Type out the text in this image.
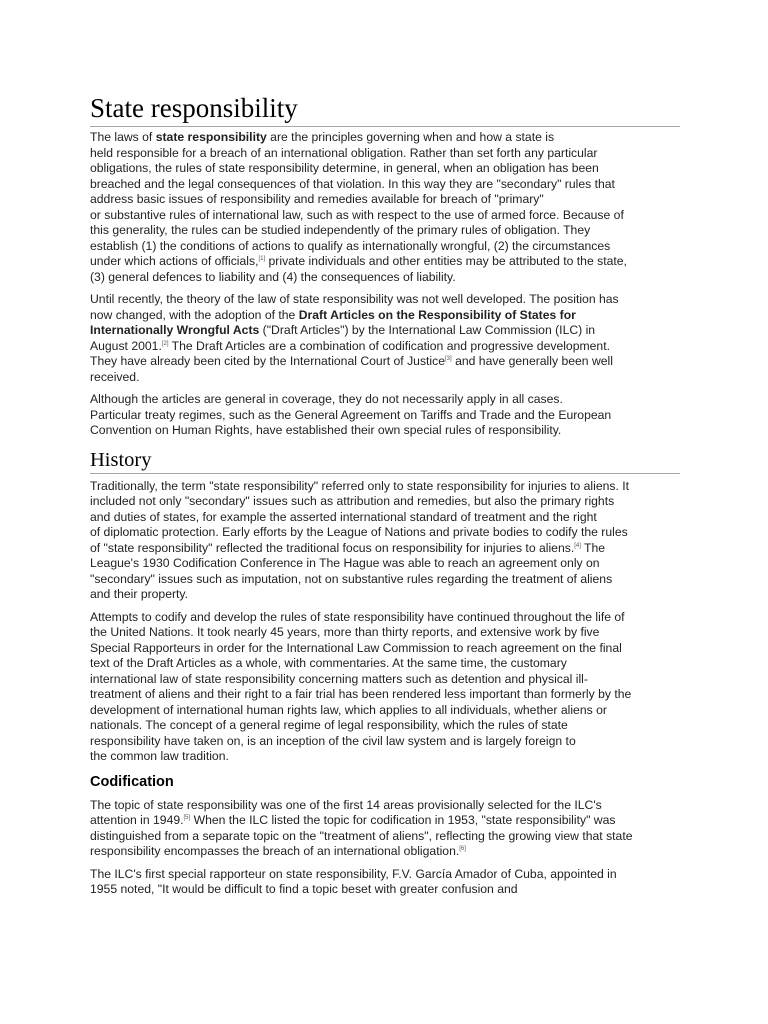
State responsibility

The laws of state responsibility are the principles governing when and how a state is
held responsible for a breach of an international obligation. Rather than set forth any particular
obligations, the rules of state responsibility determine, in general, when an obligation has been
breached and the legal consequences of that violation. In this way they are "secondary" rules that
address basic issues of responsibility and remedies available for breach of "primary"
or substantive rules of international law, such as with respect to the use of armed force. Because of
this generality, the rules can be studied independently of the primary rules of obligation. They
establish (1) the conditions of actions to qualify as internationally wrongful, (2) the circumstances
under which actions of officials,[1] private individuals and other entities may be attributed to the state,
(3) general defences to liability and (4) the consequences of liability.

Until recently, the theory of the law of state responsibility was not well developed. The position has
now changed, with the adoption of the Draft Articles on the Responsibility of States for
Internationally Wrongful Acts ("Draft Articles") by the International Law Commission (ILC) in
August 2001.[2] The Draft Articles are a combination of codification and progressive development.
They have already been cited by the International Court of Justice[3] and have generally been well
received.

Although the articles are general in coverage, they do not necessarily apply in all cases.
Particular treaty regimes, such as the General Agreement on Tariffs and Trade and the European
Convention on Human Rights, have established their own special rules of responsibility.

History

Traditionally, the term "state responsibility" referred only to state responsibility for injuries to aliens. It
included not only "secondary" issues such as attribution and remedies, but also the primary rights
and duties of states, for example the asserted international standard of treatment and the right
of diplomatic protection. Early efforts by the League of Nations and private bodies to codify the rules
of "state responsibility" reflected the traditional focus on responsibility for injuries to aliens.[4] The
League's 1930 Codification Conference in The Hague was able to reach an agreement only on
"secondary" issues such as imputation, not on substantive rules regarding the treatment of aliens
and their property.

Attempts to codify and develop the rules of state responsibility have continued throughout the life of
the United Nations. It took nearly 45 years, more than thirty reports, and extensive work by five
Special Rapporteurs in order for the International Law Commission to reach agreement on the final
text of the Draft Articles as a whole, with commentaries. At the same time, the customary
international law of state responsibility concerning matters such as detention and physical ill-
treatment of aliens and their right to a fair trial has been rendered less important than formerly by the
development of international human rights law, which applies to all individuals, whether aliens or
nationals. The concept of a general regime of legal responsibility, which the rules of state
responsibility have taken on, is an inception of the civil law system and is largely foreign to
the common law tradition.

Codification

The topic of state responsibility was one of the first 14 areas provisionally selected for the ILC's
attention in 1949.[5] When the ILC listed the topic for codification in 1953, "state responsibility" was
distinguished from a separate topic on the "treatment of aliens", reflecting the growing view that state
responsibility encompasses the breach of an international obligation.[6]

The ILC's first special rapporteur on state responsibility, F.V. García Amador of Cuba, appointed in
1955 noted, "It would be difficult to find a topic beset with greater confusion and
